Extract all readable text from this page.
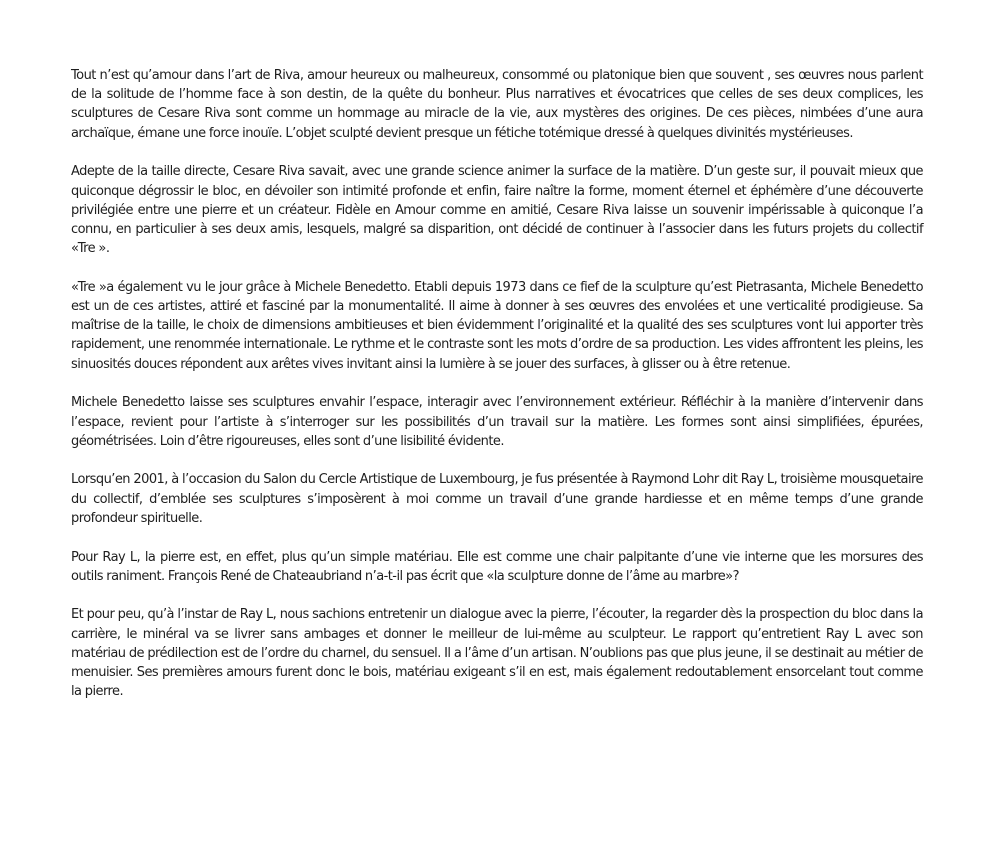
Tout n’est qu’amour dans l’art de Riva, amour heureux ou malheureux, consommé ou platonique bien que souvent , ses œuvres nous parlent de la solitude de l’homme face à son destin, de la quête du bonheur. Plus narratives et évocatrices que celles de ses deux complices, les sculptures de Cesare Riva sont comme un hommage au miracle de la vie, aux mystères des origines. De ces pièces, nimbées d’une aura archaïque, émane une force inouïe. L’objet sculpté devient presque un fétiche totémique dressé à quelques divinités mystérieuses.

Adepte de la taille directe, Cesare Riva savait, avec une grande science animer la surface de la matière. D’un geste sur, il pouvait mieux que quiconque dégrossir le bloc, en dévoiler son intimité profonde et enfin, faire naître la forme, moment éternel et éphémère d’une découverte privilégiée entre une pierre et un créateur. Fidèle en Amour comme en amitié, Cesare Riva laisse un souvenir impérissable à quiconque l’a connu, en particulier à ses deux amis, lesquels, malgré sa disparition, ont décidé de continuer à l’associer dans les futurs projets du collectif «Tre ».

«Tre »a également vu le jour grâce à Michele Benedetto. Etabli depuis 1973 dans ce fief de la sculpture qu’est Pietrasanta, Michele Benedetto est un de ces artistes, attiré et fasciné par la monumentalité. Il aime à donner à ses œuvres des envolées et une verticalité prodigieuse. Sa maîtrise de la taille, le choix de dimensions ambitieuses et bien évidemment l’originalité et la qualité des ses sculptures vont lui apporter très rapidement, une renommée internationale. Le rythme et le contraste sont les mots d’ordre de sa production. Les vides affrontent les pleins, les sinuosités douces répondent aux arêtes vives invitant ainsi la lumière à se jouer des surfaces, à glisser ou à être retenue.

Michele Benedetto laisse ses sculptures envahir l’espace, interagir avec l’environnement extérieur. Réfléchir à la manière d’intervenir dans l’espace, revient pour l’artiste à s’interroger sur les possibilités d’un travail sur la matière. Les formes sont ainsi simplifiées, épurées, géométrisées. Loin d’être rigoureuses, elles sont d’une lisibilité évidente.

Lorsqu’en 2001, à l’occasion du Salon du Cercle Artistique de Luxembourg, je fus présentée à Raymond Lohr dit Ray L, troisième mousquetaire du collectif, d’emblée ses sculptures s’imposèrent à moi comme un travail d’une grande hardiesse et en même temps d’une grande profondeur spirituelle.

Pour Ray L, la pierre est, en effet, plus qu’un simple matériau. Elle est comme une chair palpitante d’une vie interne que les morsures des outils raniment. François René de Chateaubriand n’a-t-il pas écrit que «la sculpture donne de l’âme au marbre»?

Et pour peu, qu’à l’instar de Ray L, nous sachions entretenir un dialogue avec la pierre, l’écouter, la regarder dès la prospection du bloc dans la carrière, le minéral va se livrer sans ambages et donner le meilleur de lui-même au sculpteur. Le rapport qu’entretient Ray L avec son matériau de prédilection est de l’ordre du charnel, du sensuel. Il a l’âme d’un artisan. N’oublions pas que plus jeune, il se destinait au métier de menuisier. Ses premières amours furent donc le bois, matériau exigeant s’il en est, mais également redoutablement ensorcelant tout comme la pierre.
